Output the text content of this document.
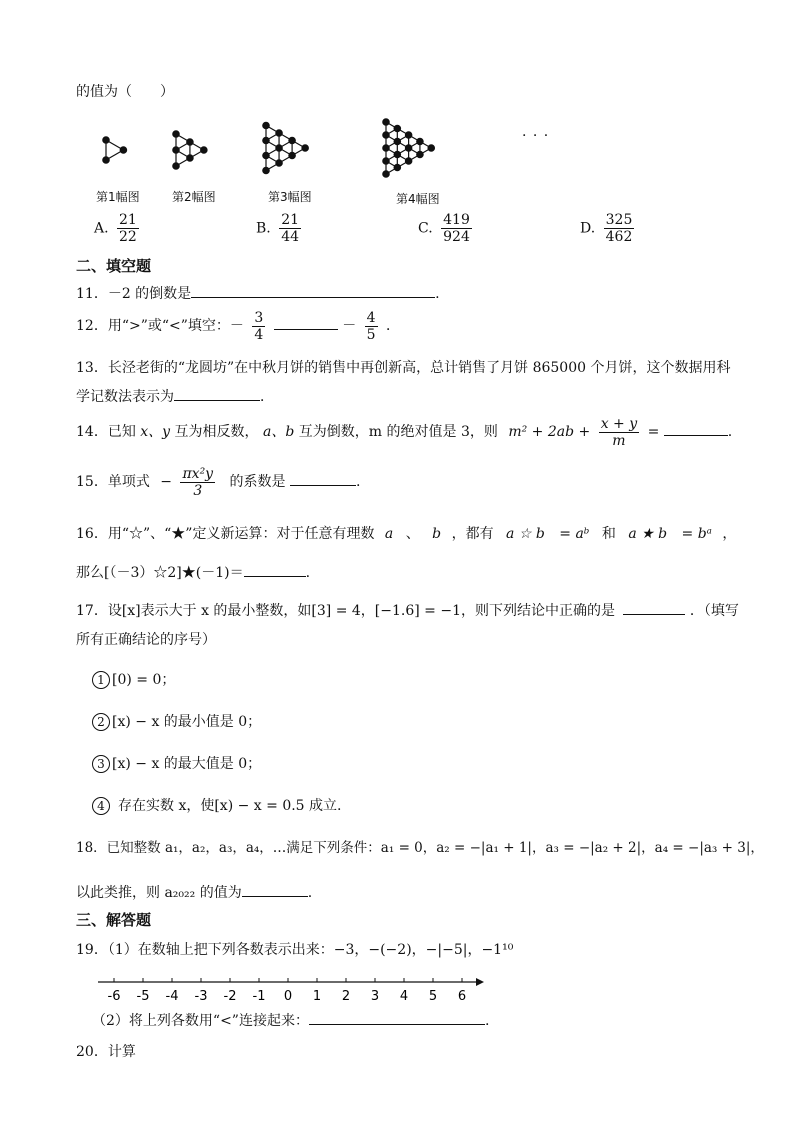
的值为（　　）
第1幅图	第2幅图	第3幅图	第4幅图
· · ·
A. $\frac{21}{22}$	B. $\frac{21}{44}$	C. $\frac{419}{924}$	D. $\frac{325}{462}$
二、填空题
11．－2 的倒数是	.
12．用“>”或“<”填空：－ $\frac{3}{4}$	－ $\frac{4}{5}$ ．
13．长泾老街的“龙圆坊”在中秋月饼的销售中再创新高，总计销售了月饼 865000 个月饼，这个数据用科
学记数法表示为	．
14．已知 x、y 互为相反数， a、b 互为倒数，m 的绝对值是 3，则 $m^2 + 2ab + \frac{x + y}{m}$ =	.
15．单项式 − $\frac{\text{πx²y}}{3}$ 的系数是	.
16．用“☆”、“★”定义新运算：对于任意有理数 a 、 b ，都有 a ☆ b = aᵇ 和 a ★ b = bᵃ ，
那么[（－3）☆2]★(－1)＝	.
17．设[x]表示大于 x 的最小整数，如[3] = 4，[−1.6] = −1，则下列结论中正确的是	．（填写
所有正确结论的序号）
1 [0) = 0；
2 [x) − x 的最小值是 0；
3 [x) − x 的最大值是 0；
4 存在实数 x，使[x) − x = 0.5 成立.
18．已知整数 a₁，a₂，a₃，a₄，…满足下列条件：a₁ = 0，a₂ = −|a₁ + 1|，a₃ = −|a₂ + 2|，a₄ = −|a₃ + 3|，
以此类推，则 a₂₀₂₂ 的值为	.
三、解答题
19．（1）在数轴上把下列各数表示出来：−3，−(−2)，−|−5|，−1¹⁰
-6 -5 -4 -3 -2 -1 0 1 2 3 4 5 6
（2）将上列各数用“<”连接起来：	.
20．计算
